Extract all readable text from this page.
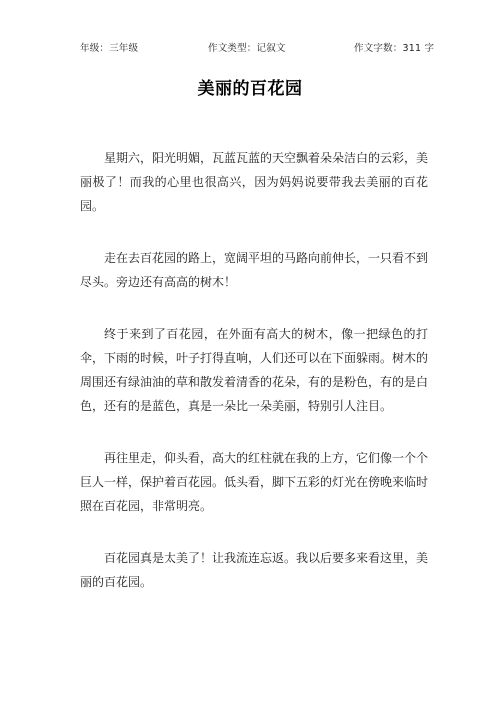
年级：三年级	作文类型：记叙文	作文字数：311 字
美丽的百花园

星期六，阳光明媚，瓦蓝瓦蓝的天空飘着朵朵洁白的云彩，美丽极了！而我的心里也很高兴，因为妈妈说要带我去美丽的百花园。

走在去百花园的路上，宽阔平坦的马路向前伸长，一只看不到尽头。旁边还有高高的树木！

终于来到了百花园，在外面有高大的树木，像一把绿色的打伞，下雨的时候，叶子打得直响，人们还可以在下面躲雨。树木的周围还有绿油油的草和散发着清香的花朵，有的是粉色，有的是白色，还有的是蓝色，真是一朵比一朵美丽，特别引人注目。

再往里走，仰头看，高大的红柱就在我的上方，它们像一个个巨人一样，保护着百花园。低头看，脚下五彩的灯光在傍晚来临时照在百花园，非常明亮。

百花园真是太美了！让我流连忘返。我以后要多来看这里，美丽的百花园。
